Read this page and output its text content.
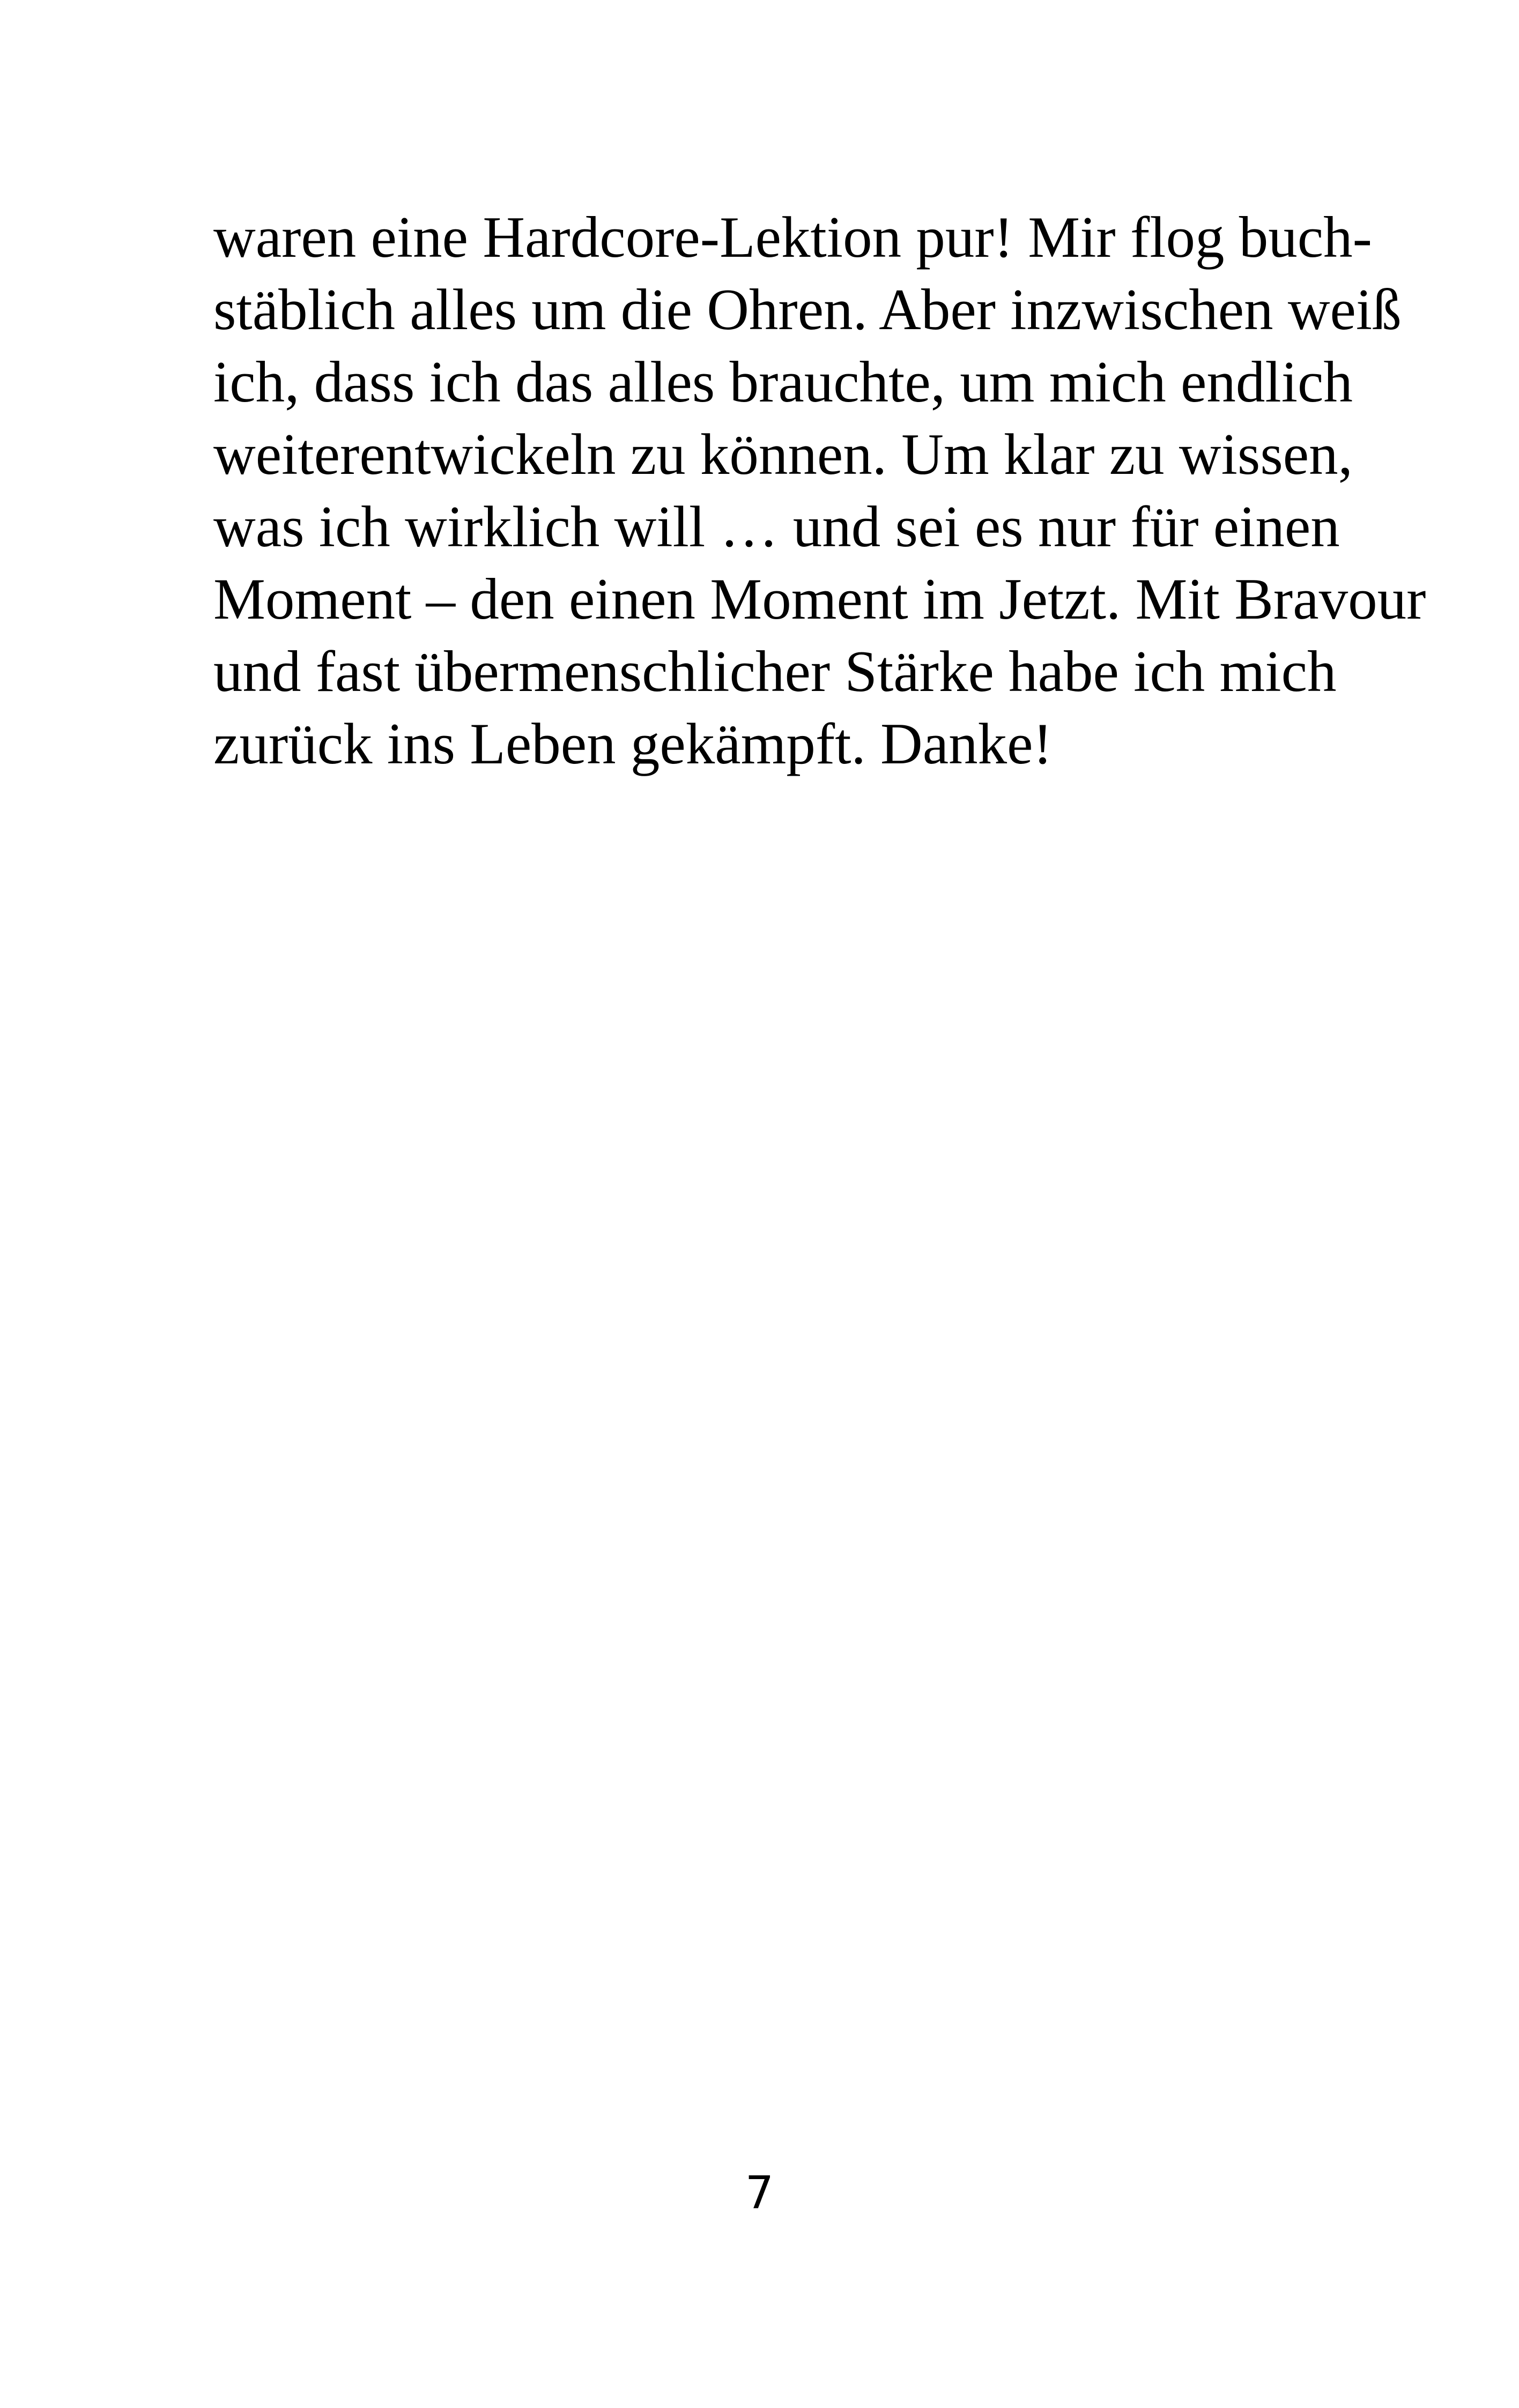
waren eine Hardcore-Lektion pur! Mir flog buch-
stäblich alles um die Ohren. Aber inzwischen weiß
ich, dass ich das alles brauchte, um mich endlich
weiterentwickeln zu können. Um klar zu wissen,
was ich wirklich will … und sei es nur für einen
Moment – den einen Moment im Jetzt. Mit Bravour
und fast übermenschlicher Stärke habe ich mich
zurück ins Leben gekämpft. Danke!

7
